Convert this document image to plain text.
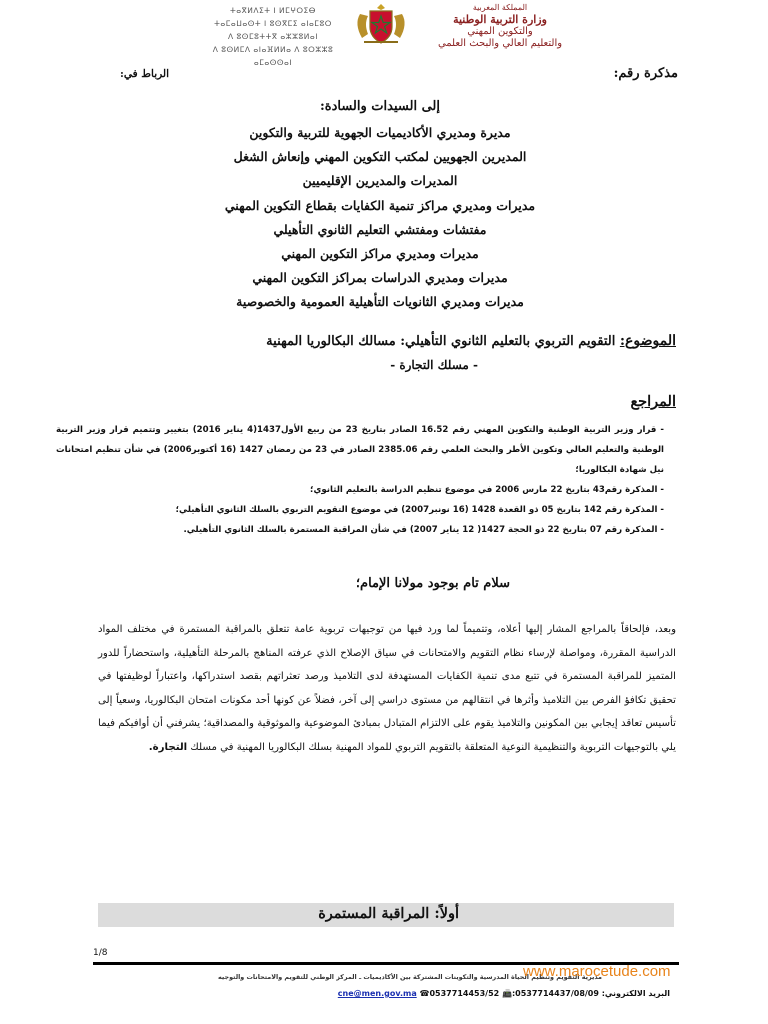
ⵜⴰⴳⵍⴷⵉⵜ ⵏ ⵍⵎⵖⵔⵉⴱ
ⵜⴰⵎⴰⵡⴰⵙⵜ ⵏ ⵓⵙⴳⵎⵉ ⴰⵏⴰⵎⵓⵔ
ⴷ ⵓⵙⵎⵓⵜⵜⴳ ⴰⵣⵣⵓⵍⴰⵏ
ⴷ ⵓⵙⵍⵎⴷ ⴰⵏⴰⴼⵍⵍⴰ ⴷ ⵓⵔⵣⵣⵓ ⴰⵎⴰⵙⵙⴰⵏ
المملكة المغربية
وزارة التربية الوطنية
والتكوين المهني
والتعليم العالي والبحث العلمي
مذكرة رقم:
الرباط في:
إلى السيدات والسادة:
مديرة ومديري الأكاديميات الجهوية للتربية والتكوين
المديرين الجهويين لمكتب التكوين المهني وإنعاش الشغل
المديرات والمديرين الإقليميين
مديرات ومديري مراكز تنمية الكفايات بقطاع التكوين المهني
مفتشات ومفتشي التعليم الثانوي التأهيلي
مديرات ومديري مراكز التكوين المهني
مديرات ومديري الدراسات بمراكز التكوين المهني
مديرات ومديري الثانويات التأهيلية العمومية والخصوصية
الموضوع: التقويم التربوي بالتعليم الثانوي التأهيلي: مسالك البكالوريا المهنية
- مسلك التجارة -
المراجع

- قرار وزير التربية الوطنية والتكوين المهني رقم 16.52 الصادر بتاريخ 23 من ربيع الأول1437(4 يناير 2016) بتغيير وتتميم قرار وزير التربية الوطنية والتعليم العالي وتكوين الأطر والبحث العلمي رقم 2385.06 الصادر في 23 من رمضان 1427 (16 أكتوبر2006) في شأن تنظيم امتحانات نيل شهادة البكالوريا؛

- المذكرة رقم43 بتاريخ 22 مارس 2006 في موضوع تنظيم الدراسة بالتعليم الثانوي؛

- المذكرة رقم 142 بتاريخ 05 ذو القعدة 1428 (16 نونبر2007) في موضوع التقويم التربوي بالسلك الثانوي التأهيلي؛

- المذكرة رقم 07 بتاريخ 22 ذو الحجة 1427( 12 يناير 2007) في شأن المراقبة المستمرة بالسلك الثانوي التأهيلي.

سلام تام بوجود مولانا الإمام؛

وبعد، فإلحاقاً بالمراجع المشار إليها أعلاه، وتتميماً لما ورد فيها من توجيهات تربوية عامة تتعلق بالمراقبة المستمرة في مختلف المواد الدراسية المقررة، ومواصلة لإرساء نظام التقويم والامتحانات في سياق الإصلاح الذي عرفته المناهج بالمرحلة التأهيلية، واستحضاراً للدور المتميز للمراقبة المستمرة في تتبع مدى تنمية الكفايات المستهدفة لدى التلاميذ ورصد تعثراتهم بقصد استدراكها، واعتباراً لوظيفتها في تحقيق تكافؤ الفرص بين التلاميذ وأثرها في انتقالهم من مستوى دراسي إلى آخر، فضلاً عن كونها أحد مكونات امتحان البكالوريا، وسعياً إلى تأسيس تعاقد إيجابي بين المكونين والتلاميذ يقوم على الالتزام المتبادل بمبادئ الموضوعية والموثوقية والمصداقية؛ يشرفني أن أوافيكم فيما يلي بالتوجيهات التربوية والتنظيمية النوعية المتعلقة بالتقويم التربوي للمواد المهنية بسلك البكالوريا المهنية في مسلك التجارة.

أولاً: المراقبة المستمرة
1/8
مديرية التقويم وتنظيم الحياة المدرسية والتكوينات المشتركة بين الأكاديميات ـ المركز الوطني للتقويم والامتحانات والتوجيه
www.marocetude.com
البريد الالكتروني: cne@men.gov.ma ☎0537714453/52 📠:0537714437/08/09
